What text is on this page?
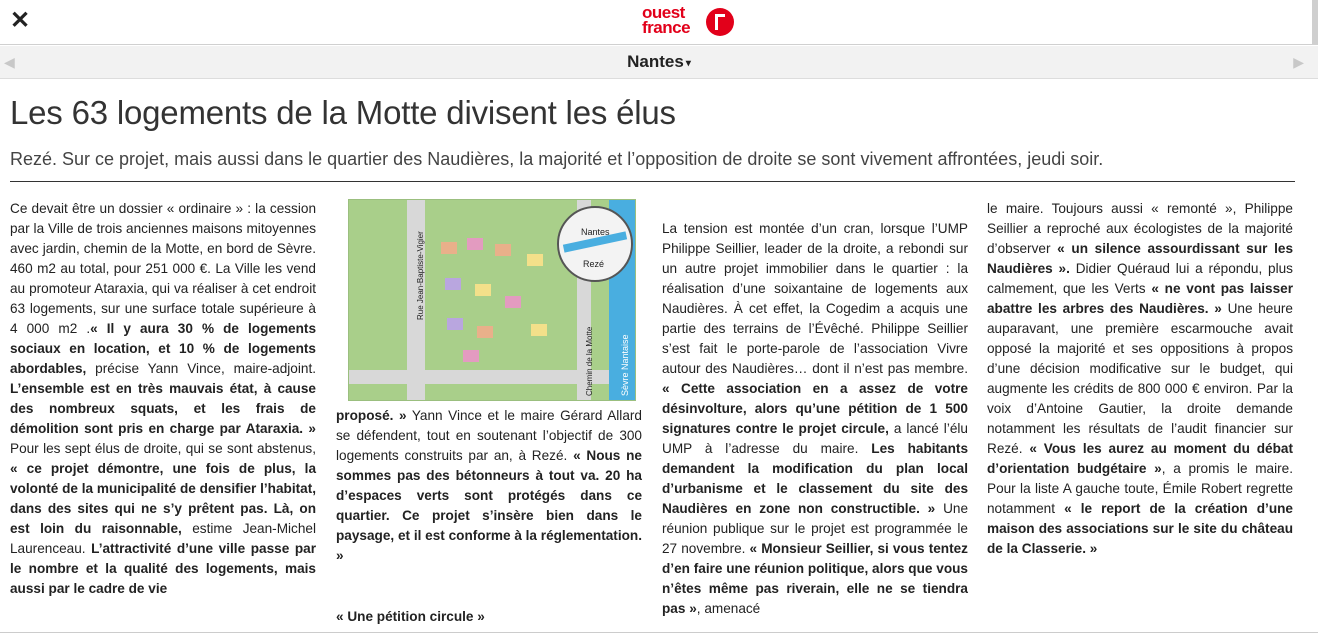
✕	ouest
france
◀	Nantes ▾	▶
Les 63 logements de la Motte divisent les élus

Rezé. Sur ce projet, mais aussi dans le quartier des Naudières, la majorité et l’opposition de droite se sont vivement affrontées, jeudi soir.

Ce devait être un dossier « ordinaire » : la cession par la Ville de trois anciennes maisons mitoyennes avec jardin, chemin de la Motte, en bord de Sèvre. 460 m2 au total, pour 251 000 €. La Ville les vend au promoteur Ataraxia, qui va réaliser à cet endroit 63 logements, sur une surface totale supérieure à 4 000 m2 .« Il y aura 30 % de logements sociaux en location, et 10 % de logements abordables, précise Yann Vince, maire-adjoint. L’ensemble est en très mauvais état, à cause des nombreux squats, et les frais de démolition sont pris en charge par Ataraxia. » Pour les sept élus de droite, qui se sont abstenus, « ce projet démontre, une fois de plus, la volonté de la municipalité de densifier l’habitat, dans des sites qui ne s’y prêtent pas. Là, on est loin du raisonnable, estime Jean-Michel Laurenceau. L’attractivité d’une ville passe par le nombre et la qualité des logements, mais aussi par le cadre de vie

Nantes
Rezé
Rue Jean-Baptiste-Vigier
Chemin de la Motte	Sèvre Nantaise

proposé. » Yann Vince et le maire Gérard Allard se défendent, tout en soutenant l’objectif de 300 logements construits par an, à Rezé. « Nous ne sommes pas des bétonneurs à tout va. 20 ha d’espaces verts sont protégés dans ce quartier. Ce projet s’insère bien dans le paysage, et il est conforme à la réglementation. »

« Une pétition circule »

La tension est montée d’un cran, lorsque l’UMP Philippe Seillier, leader de la droite, a rebondi sur un autre projet immobilier dans le quartier : la réalisation d’une soixantaine de logements aux Naudières. À cet effet, la Cogedim a acquis une partie des terrains de l’Évêché. Philippe Seillier s’est fait le porte-parole de l’association Vivre autour des Naudières… dont il n’est pas membre. « Cette association en a assez de votre désinvolture, alors qu’une pétition de 1 500 signatures contre le projet circule, a lancé l’élu UMP à l’adresse du maire. Les habitants demandent la modification du plan local d’urbanisme et le classement du site des Naudières en zone non constructible. » Une réunion publique sur le projet est programmée le 27 novembre. « Monsieur Seillier, si vous tentez d’en faire une réunion politique, alors que vous n’êtes même pas riverain, elle ne se tiendra pas », amenacé

le maire. Toujours aussi « remonté », Philippe Seillier a reproché aux écologistes de la majorité d’observer « un silence assourdissant sur les Naudières ». Didier Quéraud lui a répondu, plus calmement, que les Verts « ne vont pas laisser abattre les arbres des Naudières. » Une heure auparavant, une première escarmouche avait opposé la majorité et ses oppositions à propos d’une décision modificative sur le budget, qui augmente les crédits de 800 000 € environ. Par la voix d’Antoine Gautier, la droite demande notamment les résultats de l’audit financier sur Rezé. « Vous les aurez au moment du débat d’orientation budgétaire », a promis le maire. Pour la liste A gauche toute, Émile Robert regrette notamment « le report de la création d’une maison des associations sur le site du château de la Classerie. »
